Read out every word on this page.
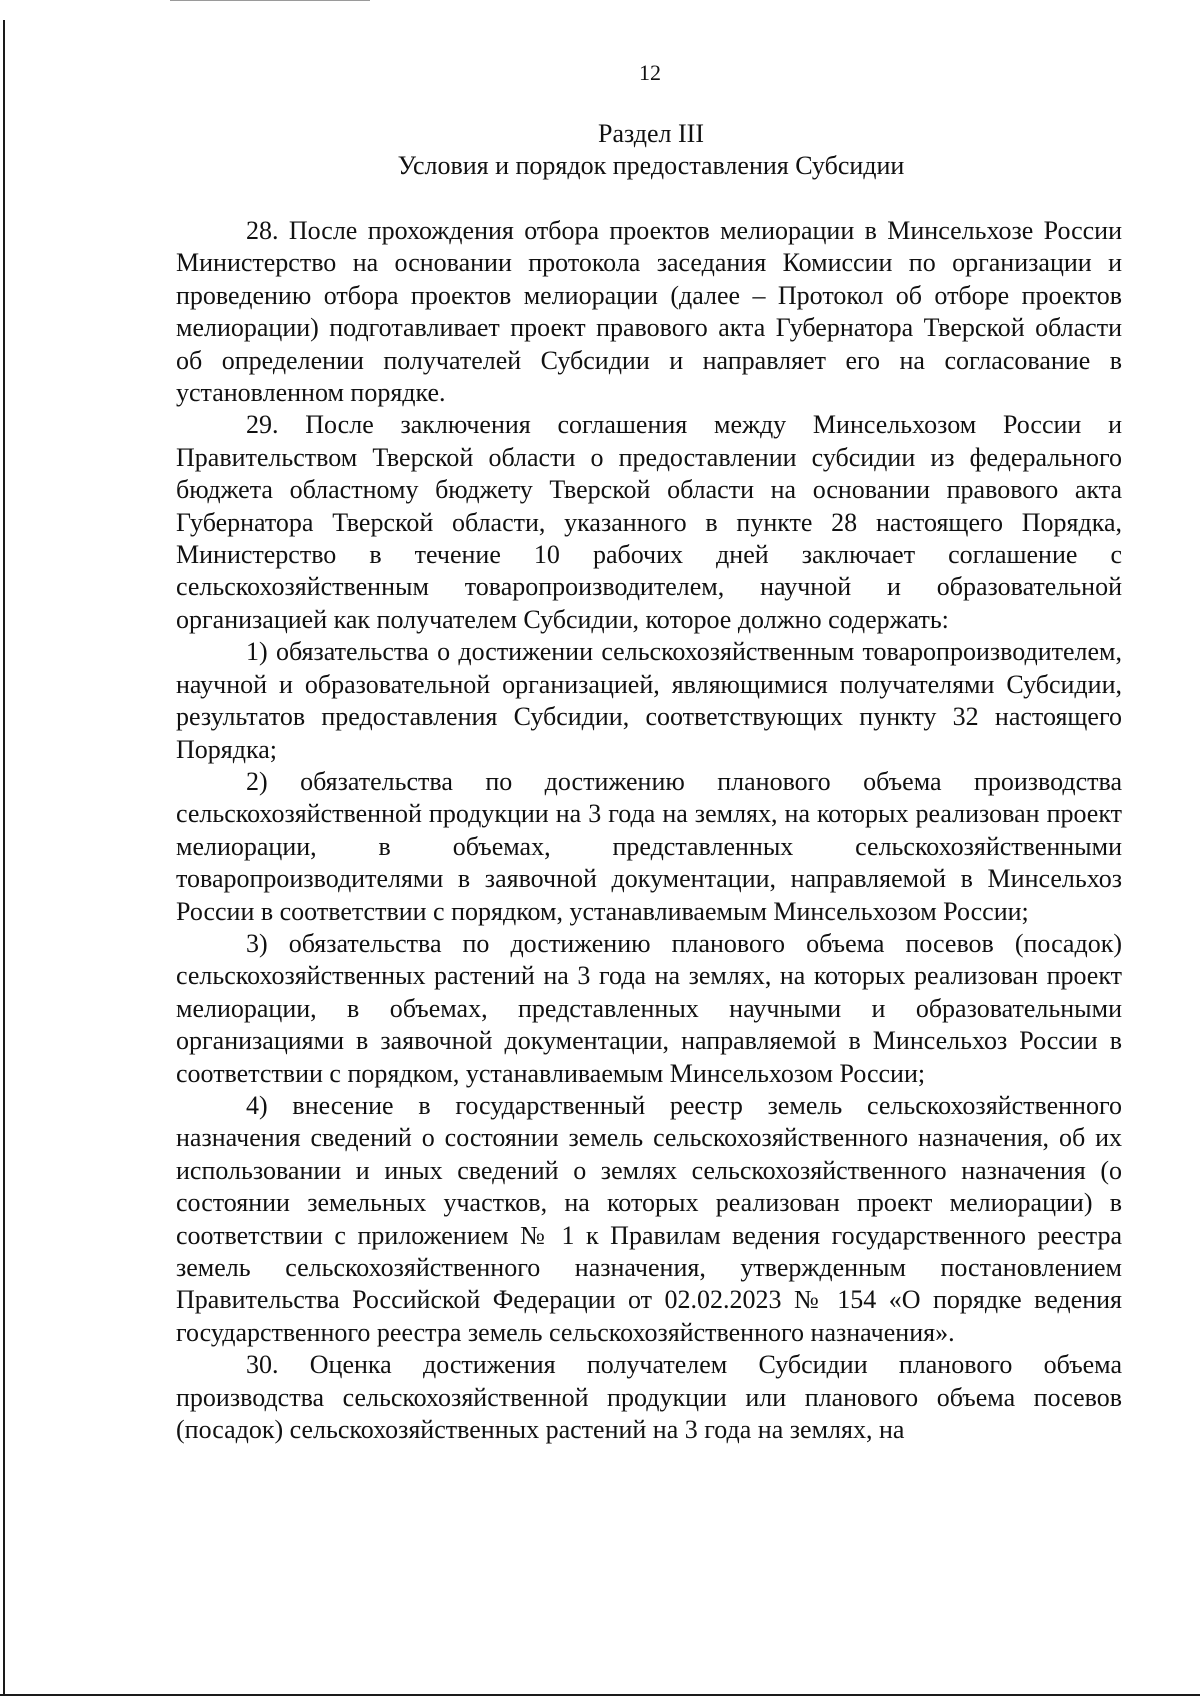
12
Раздел III
Условия и порядок предоставления Субсидии

28. После прохождения отбора проектов мелиорации в Минсельхозе России Министерство на основании протокола заседания Комиссии по организации и проведению отбора проектов мелиорации (далее – Протокол об отборе проектов мелиорации) подготавливает проект правового акта Губернатора Тверской области об определении получателей Субсидии и направляет его на согласование в установленном порядке.

29. После заключения соглашения между Минсельхозом России и Правительством Тверской области о предоставлении субсидии из федерального бюджета областному бюджету Тверской области на основании правового акта Губернатора Тверской области, указанного в пункте 28 настоящего Порядка, Министерство в течение 10 рабочих дней заключает соглашение с сельскохозяйственным товаропроизводителем, научной и образовательной организацией как получателем Субсидии, которое должно содержать:

1) обязательства о достижении сельскохозяйственным товаропроизводителем, научной и образовательной организацией, являющимися получателями Субсидии, результатов предоставления Субсидии, соответствующих пункту 32 настоящего Порядка;

2) обязательства по достижению планового объема производства сельскохозяйственной продукции на 3 года на землях, на которых реализован проект мелиорации, в объемах, представленных сельскохозяйственными товаропроизводителями в заявочной документации, направляемой в Минсельхоз России в соответствии с порядком, устанавливаемым Минсельхозом России;

3) обязательства по достижению планового объема посевов (посадок) сельскохозяйственных растений на 3 года на землях, на которых реализован проект мелиорации, в объемах, представленных научными и образовательными организациями в заявочной документации, направляемой в Минсельхоз России в соответствии с порядком, устанавливаемым Минсельхозом России;

4) внесение в государственный реестр земель сельскохозяйственного назначения сведений о состоянии земель сельскохозяйственного назначения, об их использовании и иных сведений о землях сельскохозяйственного назначения (о состоянии земельных участков, на которых реализован проект мелиорации) в соответствии с приложением № 1 к Правилам ведения государственного реестра земель сельскохозяйственного назначения, утвержденным постановлением Правительства Российской Федерации от 02.02.2023 № 154 «О порядке ведения государственного реестра земель сельскохозяйственного назначения».

30. Оценка достижения получателем Субсидии планового объема производства сельскохозяйственной продукции или планового объема посевов (посадок) сельскохозяйственных растений на 3 года на землях, на
